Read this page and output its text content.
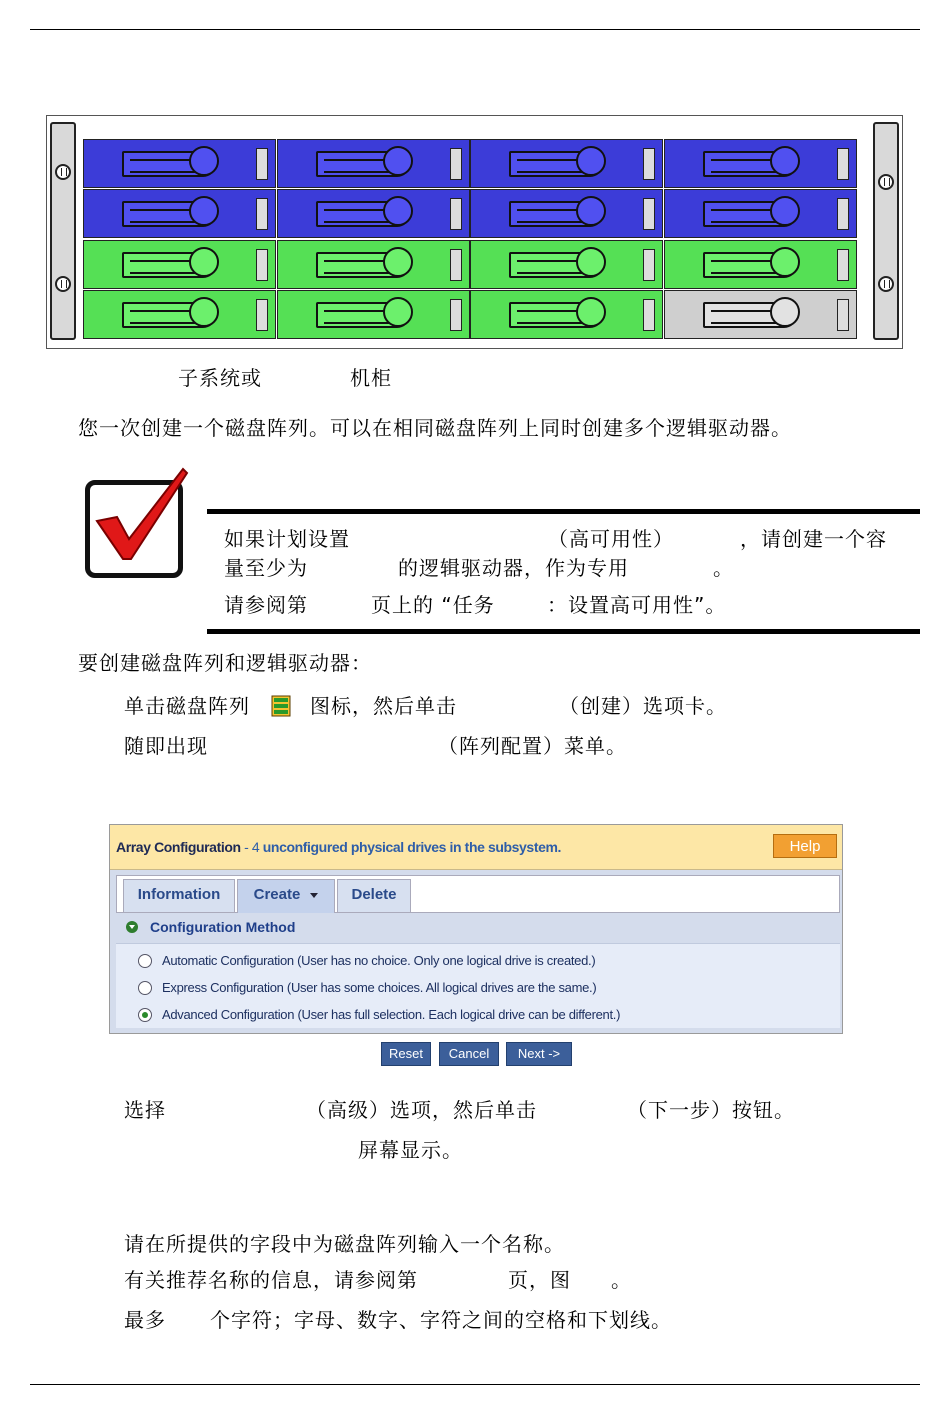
子系统或	机柜
您一次创建一个磁盘阵列。可以在相同磁盘阵列上同时创建多个逻辑驱动器。
如果计划设置	（高可用性）	，请创建一个容
量至少为	的逻辑驱动器，作为专用	。
请参阅第	页上的 “任务	：设置高可用性”。
要创建磁盘阵列和逻辑驱动器：
单击磁盘阵列	图标，然后单击	（创建）选项卡。
随即出现	（阵列配置）菜单。
Array Configuration - 4 unconfigured physical drives in the subsystem.	Help
Information	Create	Delete
Configuration Method

Automatic Configuration (User has no choice. Only one logical drive is created.)

Express Configuration (User has some choices. All logical drives are the same.)

Advanced Configuration (User has full selection. Each logical drive can be different.)

Reset	Cancel	Next ->
选择	（高级）选项，然后单击	（下一步）按钮。
屏幕显示。
请在所提供的字段中为磁盘阵列输入一个名称。
有关推荐名称的信息，请参阅第	页，图 。
最多 个字符；字母、数字、字符之间的空格和下划线。
